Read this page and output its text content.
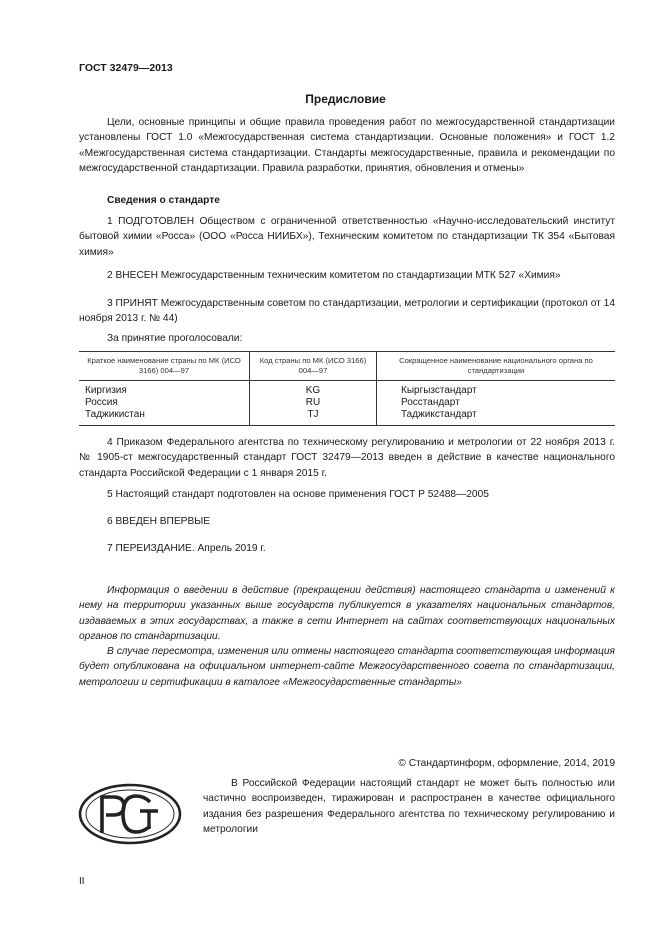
ГОСТ 32479—2013
Предисловие
Цели, основные принципы и общие правила проведения работ по межгосударственной стандартизации установлены ГОСТ 1.0 «Межгосударственная система стандартизации. Основные положения» и ГОСТ 1.2 «Межгосударственная система стандартизации. Стандарты межгосударственные, правила и рекомендации по межгосударственной стандартизации. Правила разработки, принятия, обновления и отмены»
Сведения о стандарте
1 ПОДГОТОВЛЕН Обществом с ограниченной ответственностью «Научно-исследовательский институт бытовой химии «Росса» (ООО «Росса НИИБХ»), Техническим комитетом по стандартизации ТК 354 «Бытовая химия»
2 ВНЕСЕН Межгосударственным техническим комитетом по стандартизации МТК 527 «Химия»
3 ПРИНЯТ Межгосударственным советом по стандартизации, метрологии и сертификации (протокол от 14 ноября 2013 г. № 44)
За принятие проголосовали:
Краткое наименование страны по МК (ИСО 3166) 004—97	Код страны по МК (ИСО 3166) 004—97	Сокращенное наименование национального органа по стандартизации
Киргизия	KG	Кыргызстандарт
Россия	RU	Росстандарт
Таджикистан	TJ	Таджикстандарт
4 Приказом Федерального агентства по техническому регулированию и метрологии от 22 ноября 2013 г. № 1905-ст межгосударственный стандарт ГОСТ 32479—2013 введен в действие в качестве национального стандарта Российской Федерации с 1 января 2015 г.
5 Настоящий стандарт подготовлен на основе применения ГОСТ Р 52488—2005
6 ВВЕДЕН ВПЕРВЫЕ
7 ПЕРЕИЗДАНИЕ. Апрель 2019 г.
Информация о введении в действие (прекращении действия) настоящего стандарта и изменений к нему на территории указанных выше государств публикуется в указателях национальных стандартов, издаваемых в этих государствах, а также в сети Интернет на сайтах соответствующих национальных органов по стандартизации.
В случае пересмотра, изменения или отмены настоящего стандарта соответствующая информация будет опубликована на официальном интернет-сайте Межгосударственного совета по стандартизации, метрологии и сертификации в каталоге «Межгосударственные стандарты»
© Стандартинформ, оформление, 2014, 2019
В Российской Федерации настоящий стандарт не может быть полностью или частично воспроизведен, тиражирован и распространен в качестве официального издания без разрешения Федерального агентства по техническому регулированию и метрологии
II
